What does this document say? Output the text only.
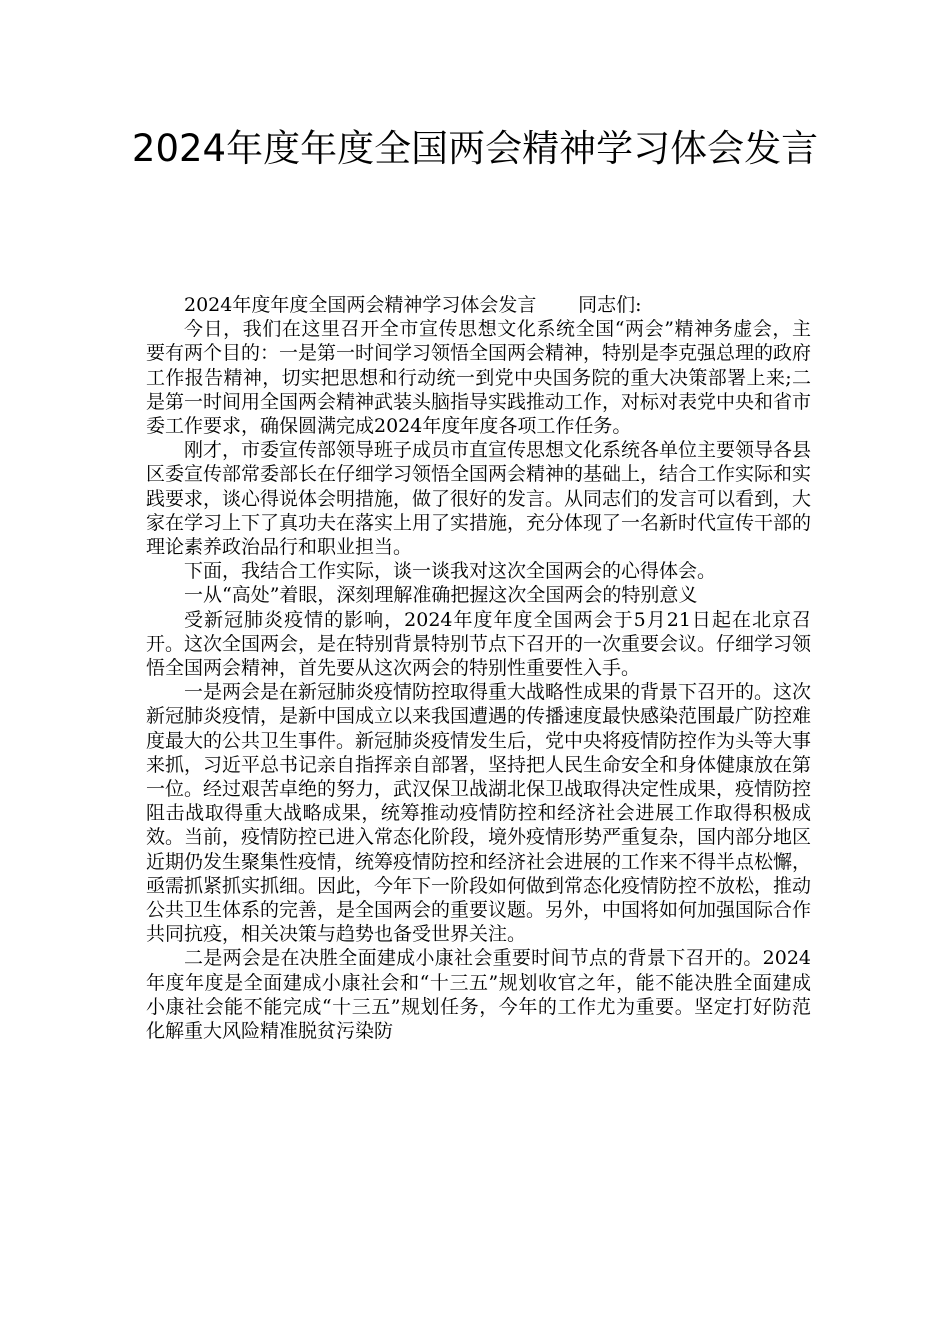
2024年度年度全国两会精神学习体会发言

2024年度年度全国两会精神学习体会发言 同志们:

今日，我们在这里召开全市宣传思想文化系统全国“两会”精神务虚会，主要有两个目的：一是第一时间学习领悟全国两会精神，特别是李克强总理的政府工作报告精神，切实把思想和行动统一到党中央国务院的重大决策部署上来;二是第一时间用全国两会精神武装头脑指导实践推动工作，对标对表党中央和省市委工作要求，确保圆满完成2024年度年度各项工作任务。

刚才，市委宣传部领导班子成员市直宣传思想文化系统各单位主要领导各县区委宣传部常委部长在仔细学习领悟全国两会精神的基础上，结合工作实际和实践要求，谈心得说体会明措施，做了很好的发言。从同志们的发言可以看到，大家在学习上下了真功夫在落实上用了实措施，充分体现了一名新时代宣传干部的理论素养政治品行和职业担当。

下面，我结合工作实际，谈一谈我对这次全国两会的心得体会。

一从“高处”着眼，深刻理解准确把握这次全国两会的特别意义

受新冠肺炎疫情的影响，2024年度年度全国两会于5月21日起在北京召开。这次全国两会，是在特别背景特别节点下召开的一次重要会议。仔细学习领悟全国两会精神，首先要从这次两会的特别性重要性入手。

一是两会是在新冠肺炎疫情防控取得重大战略性成果的背景下召开的。这次新冠肺炎疫情，是新中国成立以来我国遭遇的传播速度最快感染范围最广防控难度最大的公共卫生事件。新冠肺炎疫情发生后，党中央将疫情防控作为头等大事来抓，习近平总书记亲自指挥亲自部署，坚持把人民生命安全和身体健康放在第一位。经过艰苦卓绝的努力，武汉保卫战湖北保卫战取得决定性成果，疫情防控阻击战取得重大战略成果，统筹推动疫情防控和经济社会进展工作取得积极成效。当前，疫情防控已进入常态化阶段，境外疫情形势严重复杂，国内部分地区近期仍发生聚集性疫情，统筹疫情防控和经济社会进展的工作来不得半点松懈，亟需抓紧抓实抓细。因此，今年下一阶段如何做到常态化疫情防控不放松，推动公共卫生体系的完善，是全国两会的重要议题。另外，中国将如何加强国际合作共同抗疫，相关决策与趋势也备受世界关注。

二是两会是在决胜全面建成小康社会重要时间节点的背景下召开的。2024年度年度是全面建成小康社会和“十三五”规划收官之年，能不能决胜全面建成小康社会能不能完成“十三五”规划任务，今年的工作尤为重要。坚定打好防范化解重大风险精准脱贫污染防
